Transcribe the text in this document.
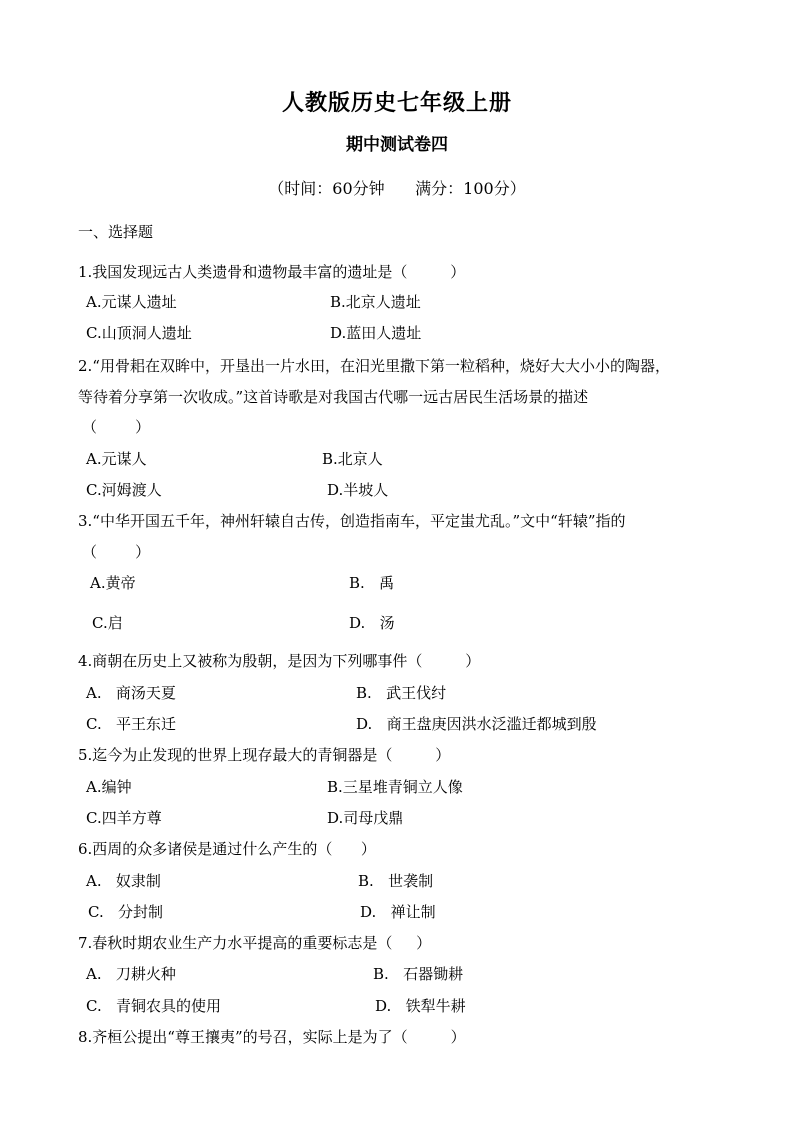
人教版历史七年级上册
期中测试卷四
（时间：60分钟      满分：100分）
一、选择题
1.我国发现远古人类遗骨和遗物最丰富的遗址是（         ）
A.元谋人遗址	B.北京人遗址
C.山顶洞人遗址	D.蓝田人遗址
2.“用骨耜在双眸中，开垦出一片水田，在汨光里撒下第一粒稻种，烧好大大小小的陶器，
等待着分享第一次收成。”这首诗歌是对我国古代哪一远古居民生活场景的描述
（        ）
A.元谋人	B.北京人
C.河姆渡人	D.半坡人
3.“中华开国五千年，神州轩辕自古传，创造指南车，平定蚩尤乱。”文中“轩辕”指的
（        ）
A.黄帝	B.   禹
C.启	D.   汤
4.商朝在历史上又被称为殷朝，是因为下列哪事件（         ）
A.   商汤天夏	B.   武王伐纣
C.   平王东迁	D.   商王盘庚因洪水泛滥迁都城到殷
5.迄今为止发现的世界上现存最大的青铜器是（         ）
A.编钟	B.三星堆青铜立人像
C.四羊方尊	D.司母戊鼎
6.西周的众多诸侯是通过什么产生的（      ）
A.   奴隶制	B.   世袭制
C.   分封制	D.   禅让制
7.春秋时期农业生产力水平提高的重要标志是（     ）
A.   刀耕火种	B.   石器锄耕
C.   青铜农具的使用	D.   铁犁牛耕
8.齐桓公提出“尊王攘夷”的号召，实际上是为了（         ）
